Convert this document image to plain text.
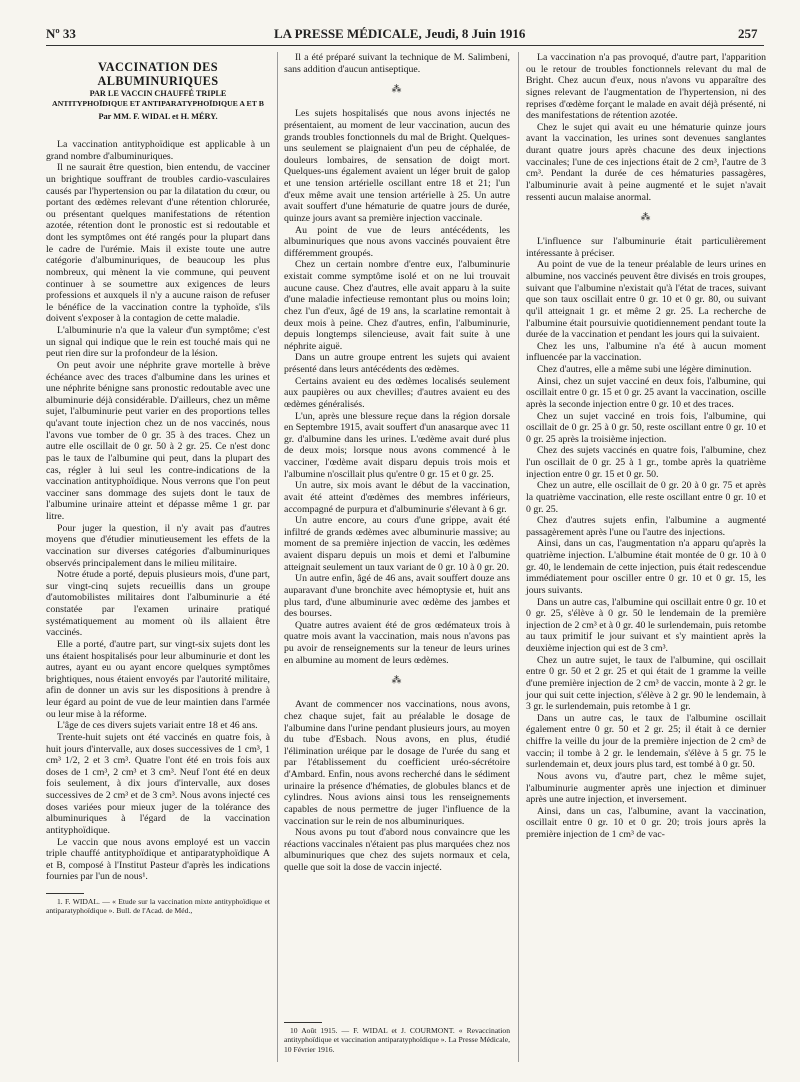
Nº 33	LA PRESSE MÉDICALE, Jeudi, 8 Juin 1916	257
VACCINATION DES ALBUMINURIQUES
PAR LE VACCIN CHAUFFÉ TRIPLE
ANTITYPHOÏDIQUE ET ANTIPARATYPHOÏDIQUE A ET B
Par MM. F. WIDAL et H. MÉRY.

La vaccination antityphoïdique est applicable à un grand nombre d'albuminuriques.

Il ne saurait être question, bien entendu, de vacciner un brightique souffrant de troubles cardio-vasculaires causés par l'hypertension ou par la dilatation du cœur, ou portant des œdèmes relevant d'une rétention chlorurée, ou présentant quelques manifestations de rétention azotée, rétention dont le pronostic est si redoutable et dont les symptômes ont été rangés pour la plupart dans le cadre de l'urémie. Mais il existe toute une autre catégorie d'albuminuriques, de beaucoup les plus nombreux, qui mènent la vie commune, qui peuvent continuer à se soumettre aux exigences de leurs professions et auxquels il n'y a aucune raison de refuser le bénéfice de la vaccination contre la typhoïde, s'ils doivent s'exposer à la contagion de cette maladie.

L'albuminurie n'a que la valeur d'un symptôme; c'est un signal qui indique que le rein est touché mais qui ne peut rien dire sur la profondeur de la lésion.

On peut avoir une néphrite grave mortelle à brève échéance avec des traces d'albumine dans les urines et une néphrite bénigne sans pronostic redoutable avec une albuminurie déjà considérable. D'ailleurs, chez un même sujet, l'albuminurie peut varier en des proportions telles qu'avant toute injection chez un de nos vaccinés, nous l'avons vue tomber de 0 gr. 35 à des traces. Chez un autre elle oscillait de 0 gr. 50 à 2 gr. 25. Ce n'est donc pas le taux de l'albumine qui peut, dans la plupart des cas, régler à lui seul les contre-indications de la vaccination antityphoïdique. Nous verrons que l'on peut vacciner sans dommage des sujets dont le taux de l'albumine urinaire atteint et dépasse même 1 gr. par litre.

Pour juger la question, il n'y avait pas d'autres moyens que d'étudier minutieusement les effets de la vaccination sur diverses catégories d'albuminuriques observés principalement dans le milieu militaire.

Notre étude a porté, depuis plusieurs mois, d'une part, sur vingt-cinq sujets recueillis dans un groupe d'automobilistes militaires dont l'albuminurie a été constatée par l'examen urinaire pratiqué systématiquement au moment où ils allaient être vaccinés.

Elle a porté, d'autre part, sur vingt-six sujets dont les uns étaient hospitalisés pour leur albuminurie et dont les autres, ayant eu ou ayant encore quelques symptômes brightiques, nous étaient envoyés par l'autorité militaire, afin de donner un avis sur les dispositions à prendre à leur égard au point de vue de leur maintien dans l'armée ou leur mise à la réforme.

L'âge de ces divers sujets variait entre 18 et 46 ans.

Trente-huit sujets ont été vaccinés en quatre fois, à huit jours d'intervalle, aux doses successives de 1 cm³, 1 cm³ 1/2, 2 et 3 cm³. Quatre l'ont été en trois fois aux doses de 1 cm³, 2 cm³ et 3 cm³. Neuf l'ont été en deux fois seulement, à dix jours d'intervalle, aux doses successives de 2 cm³ et de 3 cm³. Nous avons injecté ces doses variées pour mieux juger de la tolérance des albuminuriques à l'égard de la vaccination antityphoïdique.

Le vaccin que nous avons employé est un vaccin triple chauffé antityphoïdique et antiparatyphoïdique A et B, composé à l'Institut Pasteur d'après les indications fournies par l'un de nous¹.

1. F. WIDAL. — « Etude sur la vaccination mixte antityphoïdique et antiparatyphoïdique ». Bull. de l'Acad. de Méd.,

Il a été préparé suivant la technique de M. Salimbeni, sans addition d'aucun antiseptique.

⁂

Les sujets hospitalisés que nous avons injectés ne présentaient, au moment de leur vaccination, aucun des grands troubles fonctionnels du mal de Bright. Quelques-uns seulement se plaignaient d'un peu de céphalée, de douleurs lombaires, de sensation de doigt mort. Quelques-uns également avaient un léger bruit de galop et une tension artérielle oscillant entre 18 et 21; l'un d'eux même avait une tension artérielle à 25. Un autre avait souffert d'une hématurie de quatre jours de durée, quinze jours avant sa première injection vaccinale.

Au point de vue de leurs antécédents, les albuminuriques que nous avons vaccinés pouvaient être différemment groupés.

Chez un certain nombre d'entre eux, l'albuminurie existait comme symptôme isolé et on ne lui trouvait aucune cause. Chez d'autres, elle avait apparu à la suite d'une maladie infectieuse remontant plus ou moins loin; chez l'un d'eux, âgé de 19 ans, la scarlatine remontait à deux mois à peine. Chez d'autres, enfin, l'albuminurie, depuis longtemps silencieuse, avait fait suite à une néphrite aiguë.

Dans un autre groupe entrent les sujets qui avaient présenté dans leurs antécédents des œdèmes.

Certains avaient eu des œdèmes localisés seulement aux paupières ou aux chevilles; d'autres avaient eu des œdèmes généralisés.

L'un, après une blessure reçue dans la région dorsale en Septembre 1915, avait souffert d'un anasarque avec 11 gr. d'albumine dans les urines. L'œdème avait duré plus de deux mois; lorsque nous avons commencé à le vacciner, l'œdème avait disparu depuis trois mois et l'albumine n'oscillait plus qu'entre 0 gr. 15 et 0 gr. 25.

Un autre, six mois avant le début de la vaccination, avait été atteint d'œdèmes des membres inférieurs, accompagné de purpura et d'albuminurie s'élevant à 6 gr.

Un autre encore, au cours d'une grippe, avait été infiltré de grands œdèmes avec albuminurie massive; au moment de sa première injection de vaccin, les œdèmes avaient disparu depuis un mois et demi et l'albumine atteignait seulement un taux variant de 0 gr. 10 à 0 gr. 20.

Un autre enfin, âgé de 46 ans, avait souffert douze ans auparavant d'une bronchite avec hémoptysie et, huit ans plus tard, d'une albuminurie avec œdème des jambes et des bourses.

Quatre autres avaient été de gros œdémateux trois à quatre mois avant la vaccination, mais nous n'avons pas pu avoir de renseignements sur la teneur de leurs urines en albumine au moment de leurs œdèmes.

⁂

Avant de commencer nos vaccinations, nous avons, chez chaque sujet, fait au préalable le dosage de l'albumine dans l'urine pendant plusieurs jours, au moyen du tube d'Esbach. Nous avons, en plus, étudié l'élimination uréique par le dosage de l'urée du sang et par l'établissement du coefficient uréo-sécrétoire d'Ambard. Enfin, nous avons recherché dans le sédiment urinaire la présence d'hématies, de globules blancs et de cylindres. Nous avions ainsi tous les renseignements capables de nous permettre de juger l'influence de la vaccination sur le rein de nos albuminuriques.

Nous avons pu tout d'abord nous convaincre que les réactions vaccinales n'étaient pas plus marquées chez nos albuminuriques que chez des sujets normaux et cela, quelle que soit la dose de vaccin injecté.

10 Août 1915. — F. WIDAL et J. COURMONT. « Revaccination antityphoïdique et vaccination antiparatyphoïdique ». La Presse Médicale, 10 Février 1916.

La vaccination n'a pas provoqué, d'autre part, l'apparition ou le retour de troubles fonctionnels relevant du mal de Bright. Chez aucun d'eux, nous n'avons vu apparaître des signes relevant de l'augmentation de l'hypertension, ni des reprises d'œdème forçant le malade en avait déjà présenté, ni des manifestations de rétention azotée.

Chez le sujet qui avait eu une hématurie quinze jours avant la vaccination, les urines sont devenues sanglantes durant quatre jours après chacune des deux injections vaccinales; l'une de ces injections était de 2 cm³, l'autre de 3 cm³. Pendant la durée de ces hématuries passagères, l'albuminurie avait à peine augmenté et le sujet n'avait ressenti aucun malaise anormal.

⁂

L'influence sur l'albuminurie était particulièrement intéressante à préciser.

Au point de vue de la teneur préalable de leurs urines en albumine, nos vaccinés peuvent être divisés en trois groupes, suivant que l'albumine n'existait qu'à l'état de traces, suivant que son taux oscillait entre 0 gr. 10 et 0 gr. 80, ou suivant qu'il atteignait 1 gr. et même 2 gr. 25. La recherche de l'albumine était poursuivie quotidiennement pendant toute la durée de la vaccination et pendant les jours qui la suivaient.

Chez les uns, l'albumine n'a été à aucun moment influencée par la vaccination.

Chez d'autres, elle a même subi une légère diminution.

Ainsi, chez un sujet vacciné en deux fois, l'albumine, qui oscillait entre 0 gr. 15 et 0 gr. 25 avant la vaccination, oscille après la seconde injection entre 0 gr. 10 et des traces.

Chez un sujet vacciné en trois fois, l'albumine, qui oscillait de 0 gr. 25 à 0 gr. 50, reste oscillant entre 0 gr. 10 et 0 gr. 25 après la troisième injection.

Chez des sujets vaccinés en quatre fois, l'albumine, chez l'un oscillait de 0 gr. 25 à 1 gr., tombe après la quatrième injection entre 0 gr. 15 et 0 gr. 50.

Chez un autre, elle oscillait de 0 gr. 20 à 0 gr. 75 et après la quatrième vaccination, elle reste oscillant entre 0 gr. 10 et 0 gr. 25.

Chez d'autres sujets enfin, l'albumine a augmenté passagèrement après l'une ou l'autre des injections.

Ainsi, dans un cas, l'augmentation n'a apparu qu'après la quatrième injection. L'albumine était montée de 0 gr. 10 à 0 gr. 40, le lendemain de cette injection, puis était redescendue immédiatement pour osciller entre 0 gr. 10 et 0 gr. 15, les jours suivants.

Dans un autre cas, l'albumine qui oscillait entre 0 gr. 10 et 0 gr. 25, s'élève à 0 gr. 50 le lendemain de la première injection de 2 cm³ et à 0 gr. 40 le surlendemain, puis retombe au taux primitif le jour suivant et s'y maintient après la deuxième injection qui est de 3 cm³.

Chez un autre sujet, le taux de l'albumine, qui oscillait entre 0 gr. 50 et 2 gr. 25 et qui était de 1 gramme la veille d'une première injection de 2 cm³ de vaccin, monte à 2 gr. le jour qui suit cette injection, s'élève à 2 gr. 90 le lendemain, à 3 gr. le surlendemain, puis retombe à 1 gr.

Dans un autre cas, le taux de l'albumine oscillait également entre 0 gr. 50 et 2 gr. 25; il était à ce dernier chiffre la veille du jour de la première injection de 2 cm³ de vaccin; il tombe à 2 gr. le lendemain, s'élève à 5 gr. 75 le surlendemain et, deux jours plus tard, est tombé à 0 gr. 50.

Nous avons vu, d'autre part, chez le même sujet, l'albuminurie augmenter après une injection et diminuer après une autre injection, et inversement.

Ainsi, dans un cas, l'albumine, avant la vaccination, oscillait entre 0 gr. 10 et 0 gr. 20; trois jours après la première injection de 1 cm³ de vac-
